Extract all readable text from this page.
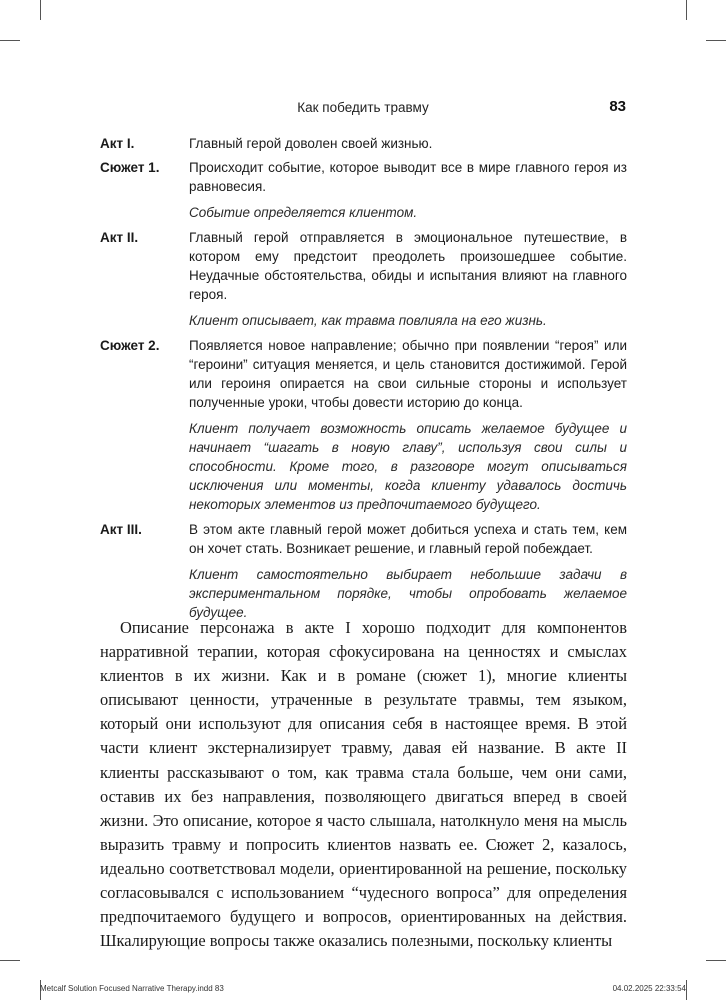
Как победить травму	83
Акт I.	Главный герой доволен своей жизнью.

Сюжет 1.	Происходит событие, которое выводит все в мире главного героя из равновесия.

Событие определяется клиентом.

Акт II.	Главный герой отправляется в эмоциональное путешествие, в котором ему предстоит преодолеть произошедшее событие. Неудачные обстоятельства, обиды и испытания влияют на главного героя.

Клиент описывает, как травма повлияла на его жизнь.

Сюжет 2.	Появляется новое направление; обычно при появлении “героя” или “героини” ситуация меняется, и цель становится достижимой. Герой или героиня опирается на свои сильные стороны и использует полученные уроки, чтобы довести историю до конца.

Клиент получает возможность описать желаемое будущее и начинает “шагать в новую главу”, используя свои силы и способности. Кроме того, в разговоре могут описываться исключения или моменты, когда клиенту удавалось достичь некоторых элементов из предпочитаемого будущего.

Акт III.	В этом акте главный герой может добиться успеха и стать тем, кем он хочет стать. Возникает решение, и главный герой побеждает.

Клиент самостоятельно выбирает небольшие задачи в экспериментальном порядке, чтобы опробовать желаемое будущее.

Описание персонажа в акте I хорошо подходит для компонентов нарративной терапии, которая сфокусирована на ценностях и смыслах клиентов в их жизни. Как и в романе (сюжет 1), многие клиенты описывают ценности, утраченные в результате травмы, тем языком, который они используют для описания себя в настоящее время. В этой части клиент экстернализирует травму, давая ей название. В акте II клиенты рассказывают о том, как травма стала больше, чем они сами, оставив их без направления, позволяющего двигаться вперед в своей жизни. Это описание, которое я часто слышала, натолкнуло меня на мысль выразить травму и попросить клиентов назвать ее. Сюжет 2, казалось, идеально соответствовал модели, ориентированной на решение, поскольку согласовывался с использованием “чудесного вопроса” для определения предпочитаемого будущего и вопросов, ориентированных на действия. Шкалирующие вопросы также оказались полезными, поскольку клиенты

Metcalf Solution Focused Narrative Therapy.indd 83	04.02.2025 22:33:54
